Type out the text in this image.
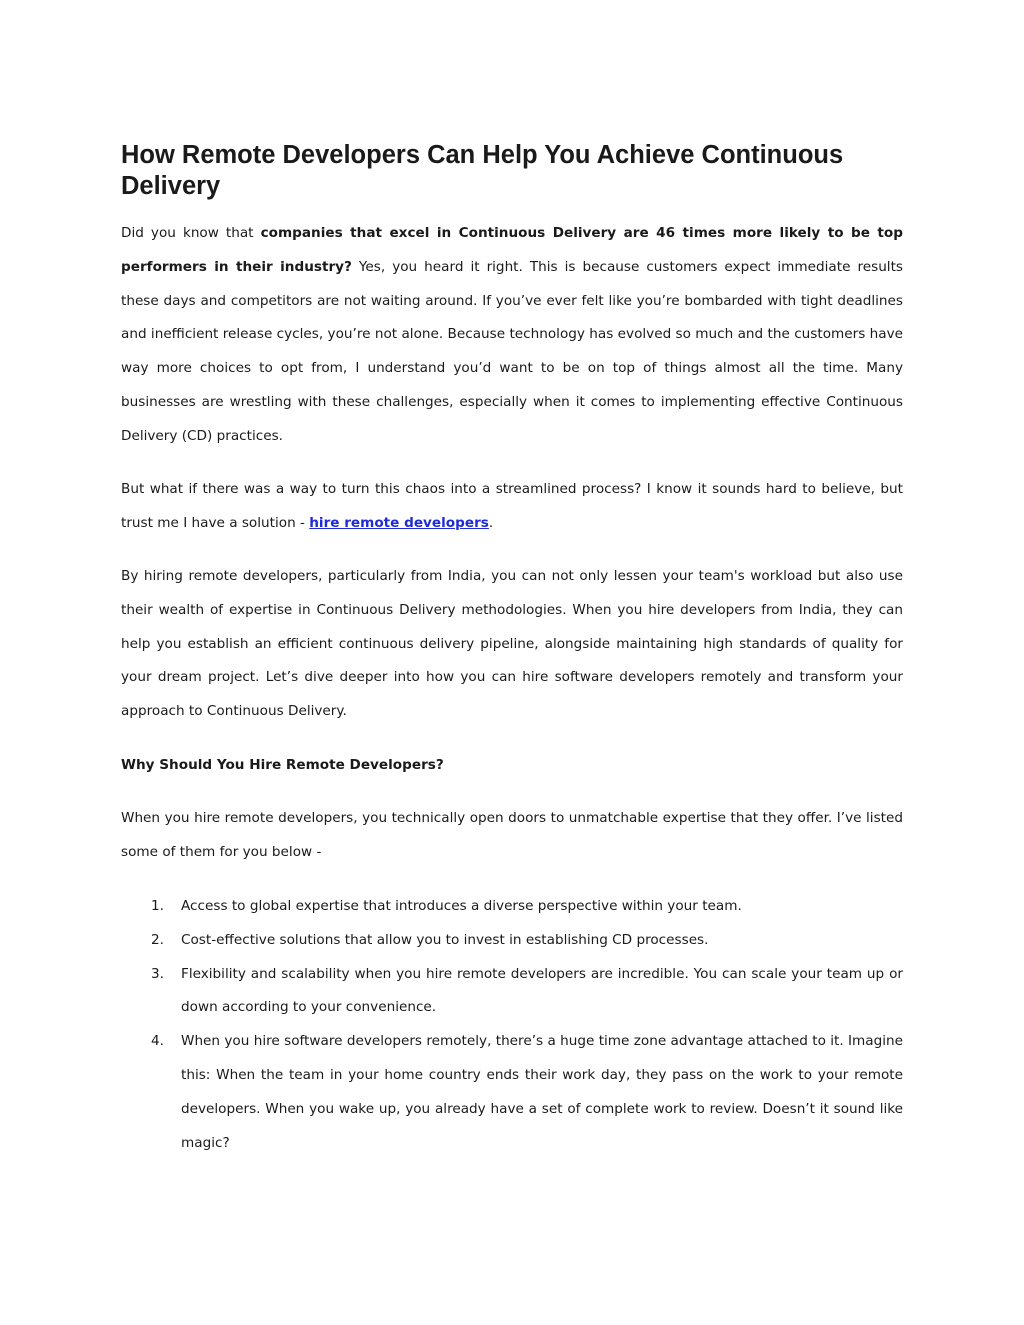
How Remote Developers Can Help You Achieve Continuous Delivery

Did you know that companies that excel in Continuous Delivery are 46 times more likely to be top performers in their industry? Yes, you heard it right. This is because customers expect immediate results these days and competitors are not waiting around. If you’ve ever felt like you’re bombarded with tight deadlines and inefficient release cycles, you’re not alone. Because technology has evolved so much and the customers have way more choices to opt from, I understand you’d want to be on top of things almost all the time. Many businesses are wrestling with these challenges, especially when it comes to implementing effective Continuous Delivery (CD) practices.

But what if there was a way to turn this chaos into a streamlined process? I know it sounds hard to believe, but trust me I have a solution - hire remote developers.

By hiring remote developers, particularly from India, you can not only lessen your team's workload but also use their wealth of expertise in Continuous Delivery methodologies. When you hire developers from India, they can help you establish an efficient continuous delivery pipeline, alongside maintaining high standards of quality for your dream project. Let’s dive deeper into how you can hire software developers remotely and transform your approach to Continuous Delivery.

Why Should You Hire Remote Developers?

When you hire remote developers, you technically open doors to unmatchable expertise that they offer. I’ve listed some of them for you below -

1. Access to global expertise that introduces a diverse perspective within your team.
2. Cost-effective solutions that allow you to invest in establishing CD processes.
3. Flexibility and scalability when you hire remote developers are incredible. You can scale your team up or down according to your convenience.
4. When you hire software developers remotely, there’s a huge time zone advantage attached to it. Imagine this: When the team in your home country ends their work day, they pass on the work to your remote developers. When you wake up, you already have a set of complete work to review. Doesn’t it sound like magic?
